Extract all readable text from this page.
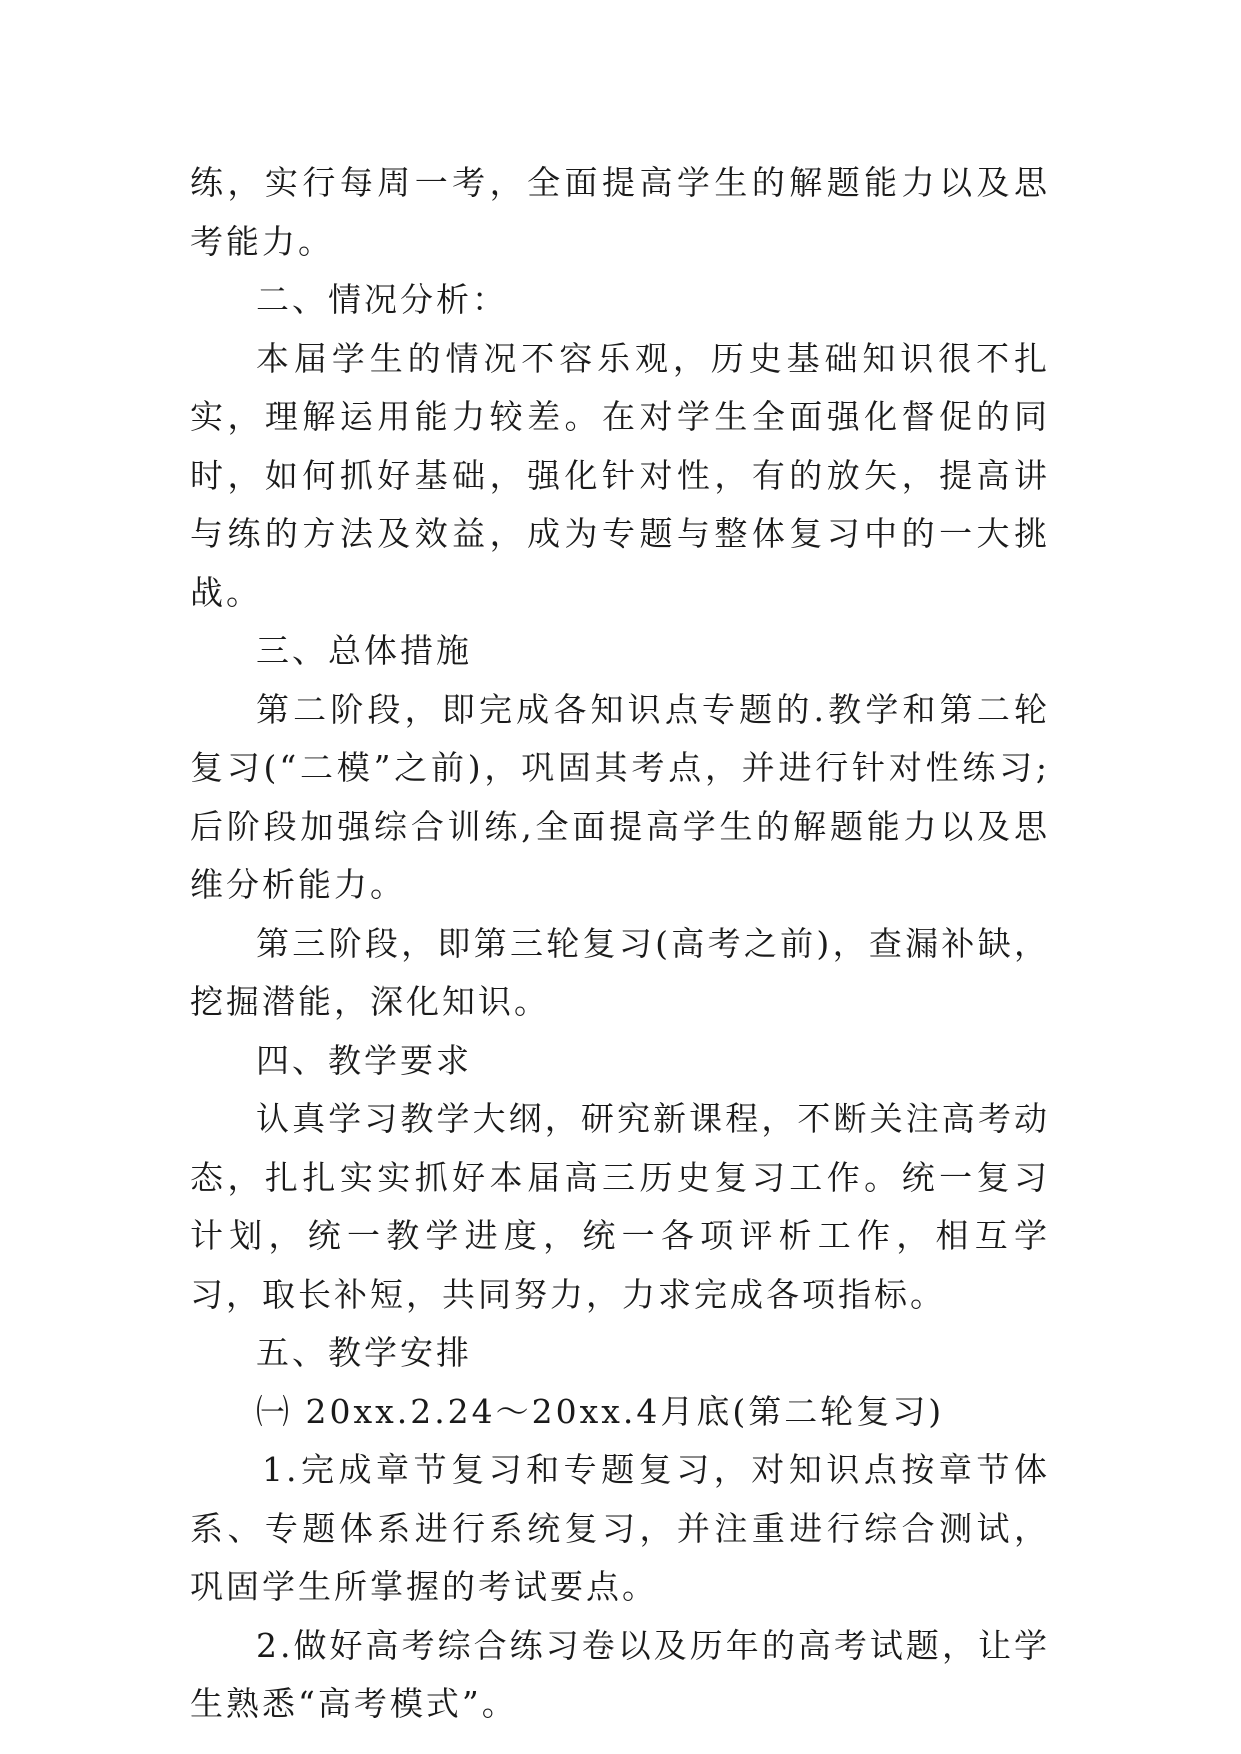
练，实行每周一考，全面提高学生的解题能力以及思考能力。

二、情况分析：

本届学生的情况不容乐观，历史基础知识很不扎实，理解运用能力较差。在对学生全面强化督促的同时，如何抓好基础，强化针对性，有的放矢，提高讲与练的方法及效益，成为专题与整体复习中的一大挑战。

三、总体措施

第二阶段，即完成各知识点专题的.教学和第二轮复习(“二模”之前)，巩固其考点，并进行针对性练习;后阶段加强综合训练,全面提高学生的解题能力以及思维分析能力。

第三阶段，即第三轮复习(高考之前)，查漏补缺，挖掘潜能，深化知识。

四、教学要求

认真学习教学大纲，研究新课程，不断关注高考动态，扎扎实实抓好本届高三历史复习工作。统一复习计划，统一教学进度，统一各项评析工作，相互学习，取长补短，共同努力，力求完成各项指标。

五、教学安排

㈠ 20xx.2.24～20xx.4月底(第二轮复习)

1.完成章节复习和专题复习，对知识点按章节体系、专题体系进行系统复习，并注重进行综合测试，巩固学生所掌握的考试要点。

2.做好高考综合练习卷以及历年的高考试题，让学生熟悉“高考模式”。
